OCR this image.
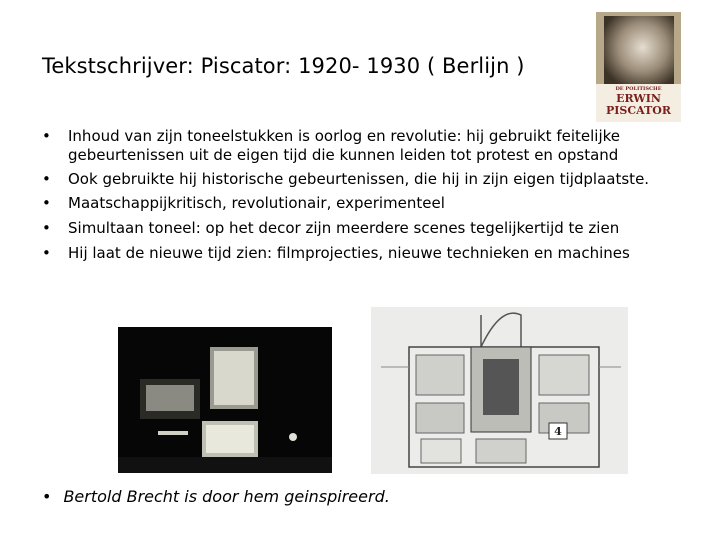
Tekstschrijver: Piscator: 1920- 1930 ( Berlijn )
DE POLITISCHE
ERWIN
PISCATOR
• Inhoud van zijn toneelstukken is oorlog en revolutie: hij gebruikt feitelijke gebeurtenissen uit de eigen tijd die kunnen leiden tot protest en opstand
• Ook gebruikte hij historische gebeurtenissen, die hij in zijn eigen tijdplaatste.
• Maatschappijkritisch, revolutionair, experimenteel
• Simultaan toneel: op het decor zijn meerdere scenes tegelijkertijd te zien
• Hij laat de nieuwe tijd zien: filmprojecties, nieuwe technieken en machines
4
• Bertold Brecht is door hem geinspireerd.
